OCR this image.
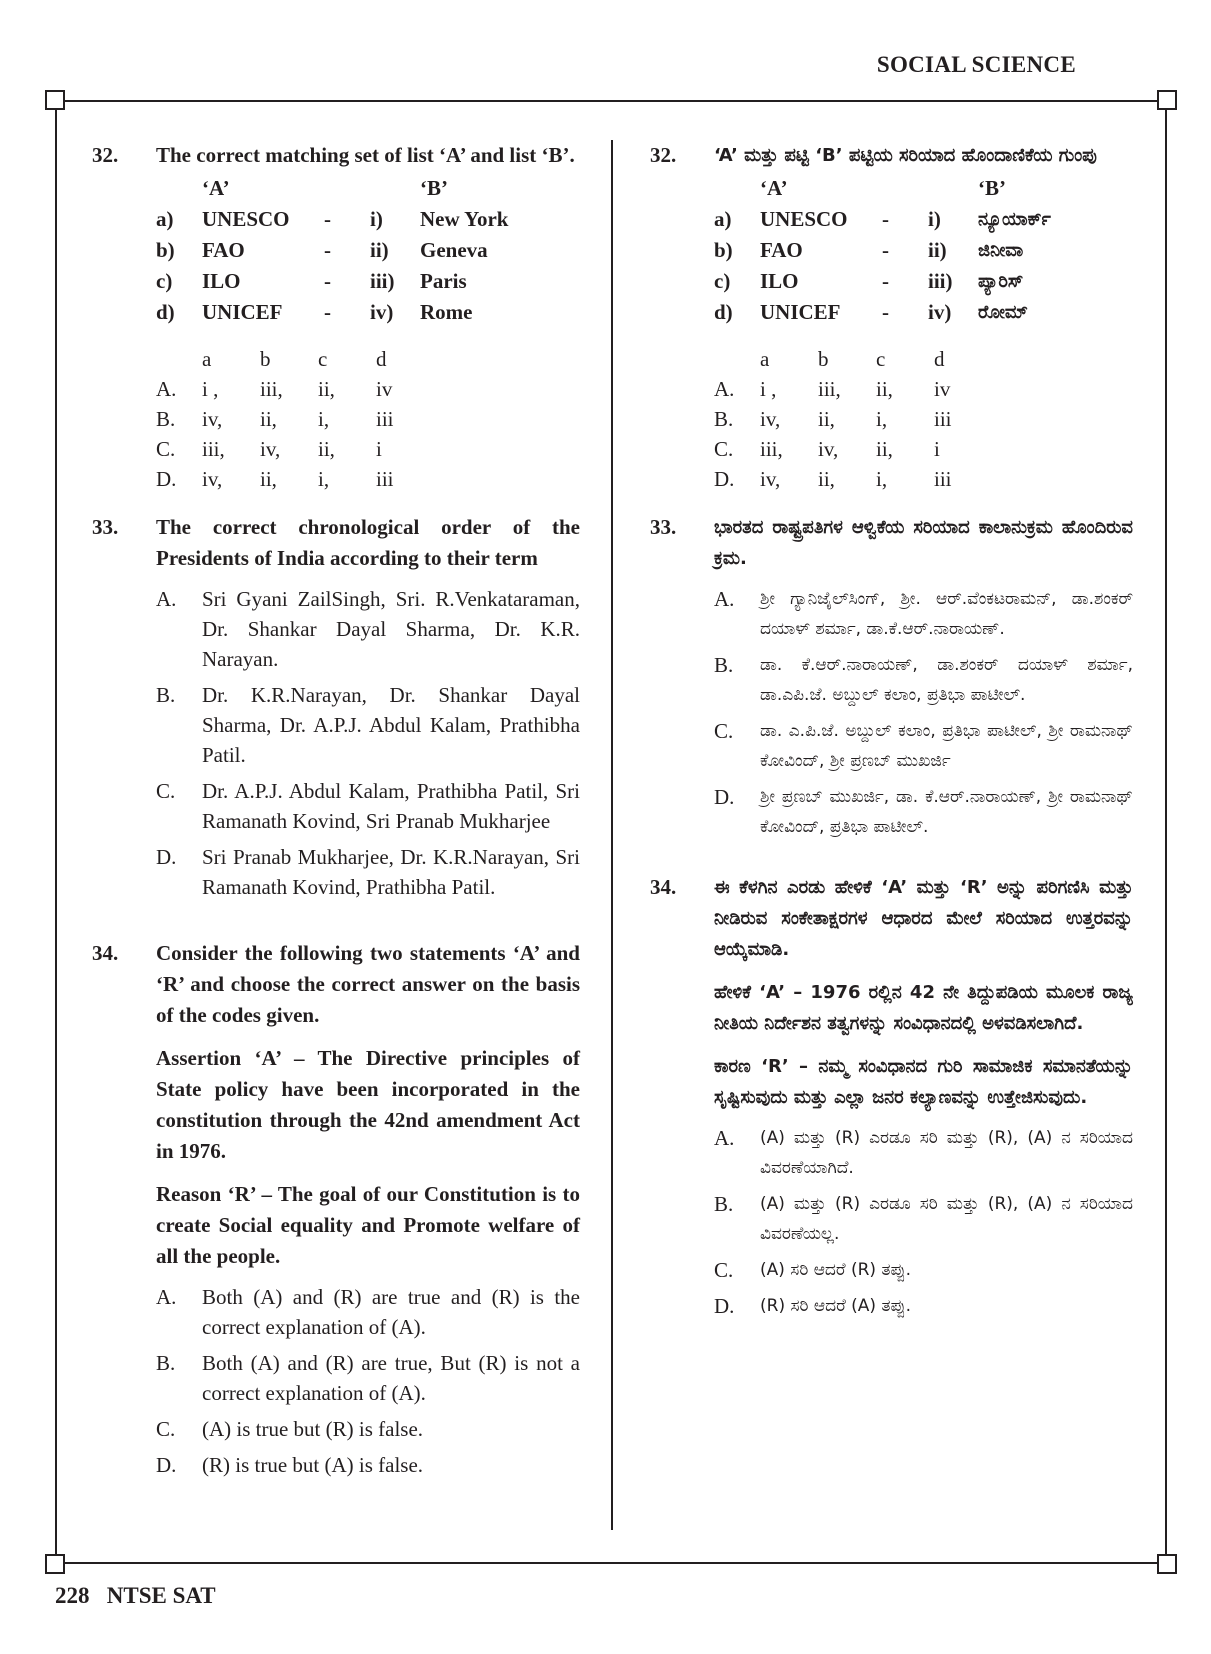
SOCIAL SCIENCE
32. The correct matching set of list ‘A’ and list ‘B’.
‘A’	‘B’
a)	UNESCO	-	i)	New York
b)	FAO	-	ii)	Geneva
c)	ILO	-	iii)	Paris
d)	UNICEF	-	iv)	Rome
a	b	c	d
A.	i ,	iii,	ii,	iv
B.	iv,	ii,	i,	iii
C.	iii,	iv,	ii,	i
D.	iv,	ii,	i,	iii
33. The correct chronological order of the Presidents of India according to their term
A. Sri Gyani ZailSingh, Sri. R.Venkataraman, Dr. Shankar Dayal Sharma, Dr. K.R. Narayan.
B. Dr. K.R.Narayan, Dr. Shankar Dayal Sharma, Dr. A.P.J. Abdul Kalam, Prathibha Patil.
C. Dr. A.P.J. Abdul Kalam, Prathibha Patil, Sri Ramanath Kovind, Sri Pranab Mukharjee
D. Sri Pranab Mukharjee, Dr. K.R.Narayan, Sri Ramanath Kovind, Prathibha Patil.
34. Consider the following two statements ‘A’ and ‘R’ and choose the correct answer on the basis of the codes given.
Assertion ‘A’ – The Directive principles of State policy have been incorporated in the constitution through the 42nd amendment Act in 1976.
Reason ‘R’ – The goal of our Constitution is to create Social equality and Promote welfare of all the people.
A. Both (A) and (R) are true and (R) is the correct explanation of (A).
B. Both (A) and (R) are true, But (R) is not a correct explanation of (A).
C. (A) is true but (R) is false.
D. (R) is true but (A) is false.
32. ‘A’ ಮತ್ತು ಪಟ್ಟಿ ‘B’ ಪಟ್ಟಿಯ ಸರಿಯಾದ ಹೊಂದಾಣಿಕೆಯ ಗುಂಪು
‘A’	‘B’
a)	UNESCO	-	i)	ನ್ಯೂಯಾರ್ಕ್
b)	FAO	-	ii)	ಜಿನೀವಾ
c)	ILO	-	iii)	ಪ್ಯಾರಿಸ್
d)	UNICEF	-	iv)	ರೋಮ್
a	b	c	d
A.	i ,	iii,	ii,	iv
B.	iv,	ii,	i,	iii
C.	iii,	iv,	ii,	i
D.	iv,	ii,	i,	iii
33. ಭಾರತದ ರಾಷ್ಟ್ರಪತಿಗಳ ಆಳ್ವಿಕೆಯ ಸರಿಯಾದ ಕಾಲಾನುಕ್ರಮ ಹೊಂದಿರುವ ಕ್ರಮ.
A. ಶ್ರೀ ಗ್ಯಾನಿಜೈಲ್‌ಸಿಂಗ್, ಶ್ರೀ. ಆರ್.ವೆಂಕಟರಾಮನ್, ಡಾ.ಶಂಕರ್ ದಯಾಳ್ ಶರ್ಮಾ, ಡಾ.ಕೆ.ಆರ್.ನಾರಾಯಣ್.
B. ಡಾ. ಕೆ.ಆರ್.ನಾರಾಯಣ್, ಡಾ.ಶಂಕರ್ ದಯಾಳ್ ಶರ್ಮಾ, ಡಾ.ಎಪಿ.ಜೆ. ಅಬ್ದುಲ್ ಕಲಾಂ, ಪ್ರತಿಭಾ ಪಾಟೀಲ್.
C. ಡಾ. ಎ.ಪಿ.ಜೆ. ಅಬ್ದುಲ್ ಕಲಾಂ, ಪ್ರತಿಭಾ ಪಾಟೀಲ್, ಶ್ರೀ ರಾಮನಾಥ್ ಕೋವಿಂದ್, ಶ್ರೀ ಪ್ರಣಬ್ ಮುಖರ್ಜಿ
D. ಶ್ರೀ ಪ್ರಣಬ್ ಮುಖರ್ಜಿ, ಡಾ. ಕೆ.ಆರ್.ನಾರಾಯಣ್, ಶ್ರೀ ರಾಮನಾಥ್ ಕೋವಿಂದ್, ಪ್ರತಿಭಾ ಪಾಟೀಲ್.
34. ಈ ಕೆಳಗಿನ ಎರಡು ಹೇಳಿಕೆ ‘A’ ಮತ್ತು ‘R’ ಅನ್ನು ಪರಿಗಣಿಸಿ ಮತ್ತು ನೀಡಿರುವ ಸಂಕೇತಾಕ್ಷರಗಳ ಆಧಾರದ ಮೇಲೆ ಸರಿಯಾದ ಉತ್ತರವನ್ನು ಆಯ್ಕೆಮಾಡಿ.
ಹೇಳಿಕೆ ‘A’ – 1976 ರಲ್ಲಿನ 42 ನೇ ತಿದ್ದುಪಡಿಯ ಮೂಲಕ ರಾಜ್ಯ ನೀತಿಯ ನಿರ್ದೇಶನ ತತ್ವಗಳನ್ನು ಸಂವಿಧಾನದಲ್ಲಿ ಅಳವಡಿಸಲಾಗಿದೆ.
ಕಾರಣ ‘R’ – ನಮ್ಮ ಸಂವಿಧಾನದ ಗುರಿ ಸಾಮಾಜಿಕ ಸಮಾನತೆಯನ್ನು ಸೃಷ್ಟಿಸುವುದು ಮತ್ತು ಎಲ್ಲಾ ಜನರ ಕಲ್ಯಾಣವನ್ನು ಉತ್ತೇಜಿಸುವುದು.
A. (A) ಮತ್ತು (R) ಎರಡೂ ಸರಿ ಮತ್ತು (R), (A) ನ ಸರಿಯಾದ ವಿವರಣೆಯಾಗಿದೆ.
B. (A) ಮತ್ತು (R) ಎರಡೂ ಸರಿ ಮತ್ತು (R), (A) ನ ಸರಿಯಾದ ವಿವರಣೆಯಲ್ಲ.
C. (A) ಸರಿ ಆದರೆ (R) ತಪ್ಪು.
D. (R) ಸರಿ ಆದರೆ (A) ತಪ್ಪು.
228 NTSE SAT
